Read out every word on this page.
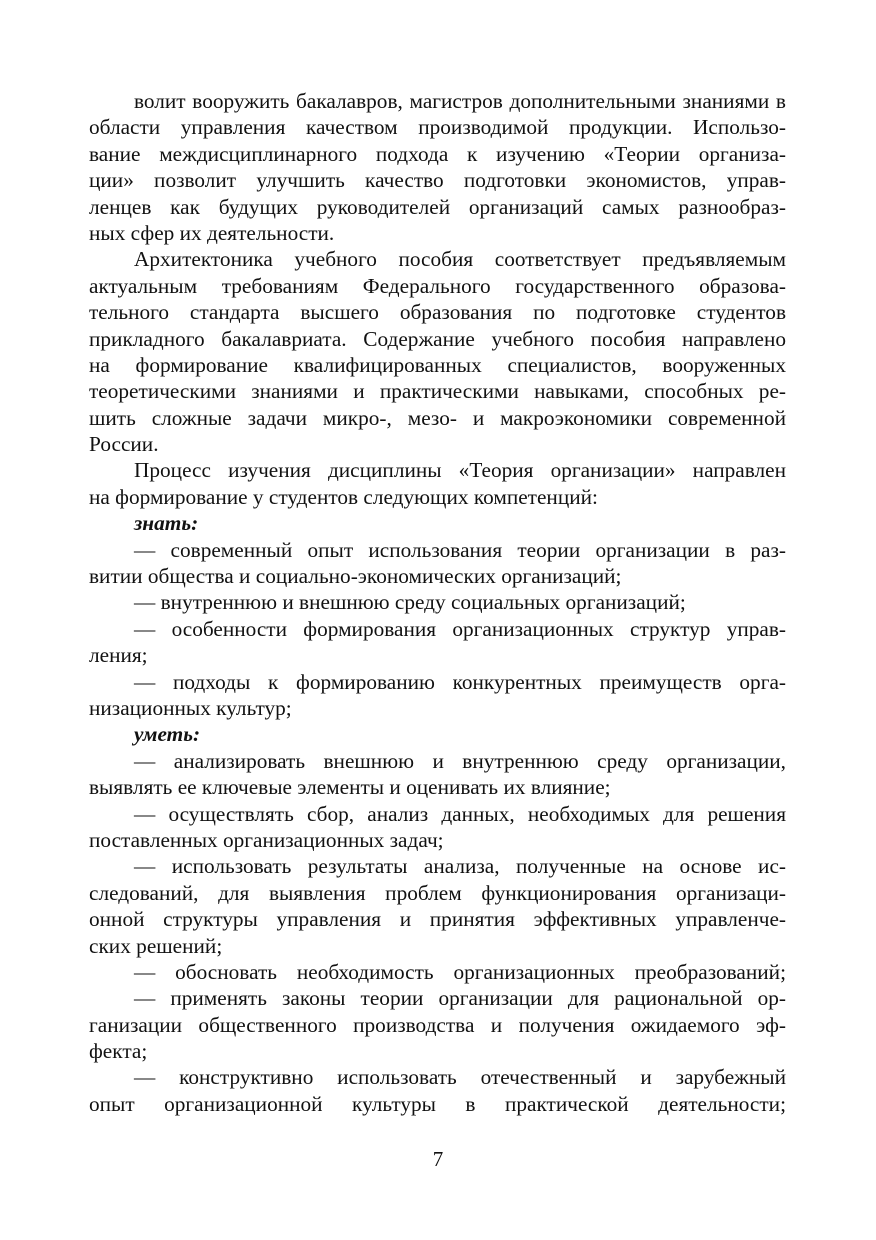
волит вооружить бакалавров, магистров дополнительными знаниями в
области управления качеством производимой продукции. Использо-
вание междисциплинарного подхода к изучению «Теории организа-
ции» позволит улучшить качество подготовки экономистов, управ-
ленцев как будущих руководителей организаций самых разнообраз-
ных сфер их деятельности.
Архитектоника учебного пособия соответствует предъявляемым
актуальным требованиям Федерального государственного образова-
тельного стандарта высшего образования по подготовке студентов
прикладного бакалавриата. Содержание учебного пособия направлено
на формирование квалифицированных специалистов, вооруженных
теоретическими знаниями и практическими навыками, способных ре-
шить сложные задачи микро-, мезо- и макроэкономики современной
России.
Процесс изучения дисциплины «Теория организации» направлен
на формирование у студентов следующих компетенций:
знать:
— современный опыт использования теории организации в раз-
витии общества и социально-экономических организаций;
— внутреннюю и внешнюю среду социальных организаций;
— особенности формирования организационных структур управ-
ления;
— подходы к формированию конкурентных преимуществ орга-
низационных культур;
уметь:
— анализировать внешнюю и внутреннюю среду организации,
выявлять ее ключевые элементы и оценивать их влияние;
— осуществлять сбор, анализ данных, необходимых для решения
поставленных организационных задач;
— использовать результаты анализа, полученные на основе ис-
следований, для выявления проблем функционирования организаци-
онной структуры управления и принятия эффективных управленче-
ских решений;
— обосновать необходимость организационных преобразований;
— применять законы теории организации для рациональной ор-
ганизации общественного производства и получения ожидаемого эф-
фекта;
— конструктивно использовать отечественный и зарубежный
опыт организационной культуры в практической деятельности;
7
